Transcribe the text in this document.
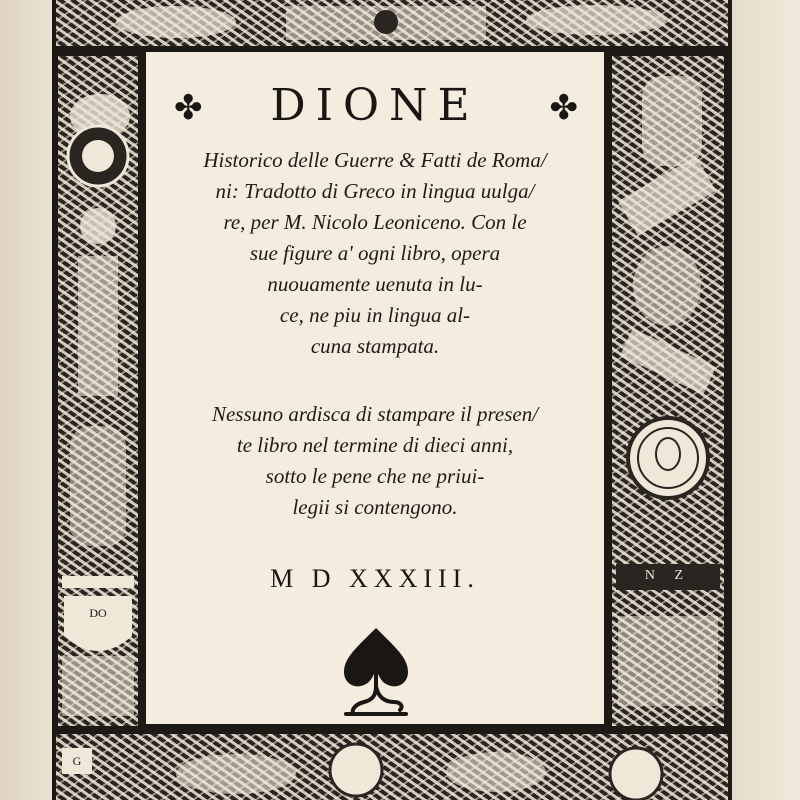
DO
N Z
G
✤	DIONE	✤
Historico delle Guerre & Fatti de Roma/
ni: Tradotto di Greco in lingua uulga/
re, per M. Nicolo Leoniceno. Con le
sue figure a' ogni libro, opera
nuouamente uenuta in lu-
ce, ne piu in lingua al-
cuna stampata.
Nessuno ardisca di stampare il presen/
te libro nel termine di dieci anni,
sotto le pene che ne priui-
legii si contengono.
M D XXXIII.
